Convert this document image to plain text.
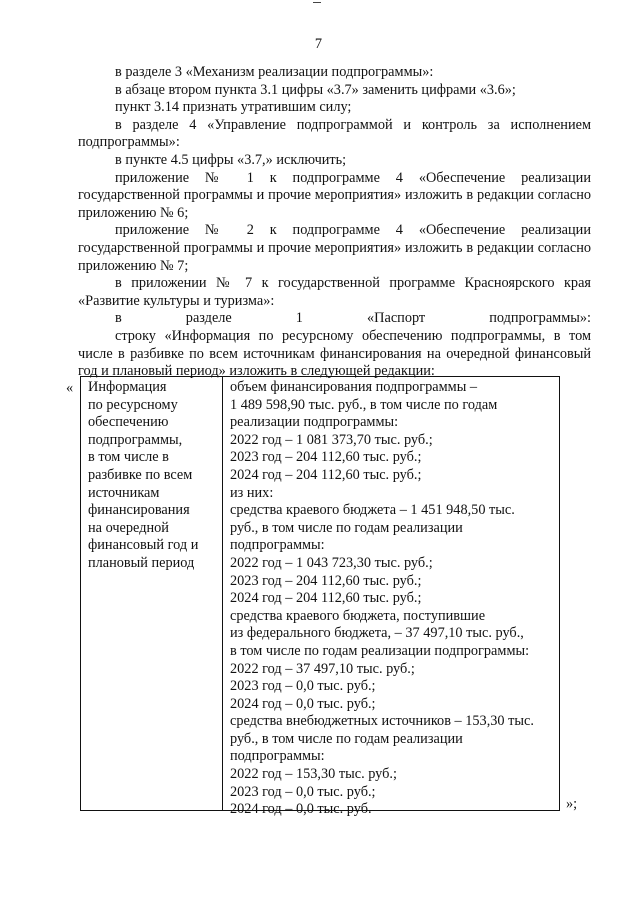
7

в разделе 3 «Механизм реализации подпрограммы»:

в абзаце втором пункта 3.1 цифры «3.7» заменить цифрами «3.6»;

пункт 3.14 признать утратившим силу;

в разделе 4 «Управление подпрограммой и контроль за исполнением подпрограммы»:

в пункте 4.5 цифры «3.7,» исключить;

приложение № 1 к подпрограмме 4 «Обеспечение реализации государственной программы и прочие мероприятия» изложить в редакции согласно приложению № 6;

приложение № 2 к подпрограмме 4 «Обеспечение реализации государственной программы и прочие мероприятия» изложить в редакции согласно приложению № 7;

в приложении № 7 к государственной программе Красноярского края «Развитие культуры и туризма»:

в разделе 1 «Паспорт подпрограммы»:

строку «Информация по ресурсному обеспечению подпрограммы, в том числе в разбивке по всем источникам финансирования на очередной финансовый год и плановый период» изложить в следующей редакции:

« Информация
по ресурсному
обеспечению
подпрограммы,
в том числе в
разбивке по всем
источникам
финансирования
на очередной
финансовый год и
плановый период
объем финансирования подпрограммы –
1 489 598,90 тыс. руб., в том числе по годам
реализации подпрограммы:
2022 год – 1 081 373,70 тыс. руб.;
2023 год – 204 112,60 тыс. руб.;
2024 год – 204 112,60 тыс. руб.;
из них:
средства краевого бюджета – 1 451 948,50 тыс.
руб., в том числе по годам реализации
подпрограммы:
2022 год – 1 043 723,30 тыс. руб.;
2023 год – 204 112,60 тыс. руб.;
2024 год – 204 112,60 тыс. руб.;
средства краевого бюджета, поступившие
из федерального бюджета, – 37 497,10 тыс. руб.,
в том числе по годам реализации подпрограммы:
2022 год – 37 497,10 тыс. руб.;
2023 год – 0,0 тыс. руб.;
2024 год – 0,0 тыс. руб.;
средства внебюджетных источников – 153,30 тыс.
руб., в том числе по годам реализации
подпрограммы:
2022 год – 153,30 тыс. руб.;
2023 год – 0,0 тыс. руб.;
2024 год – 0,0 тыс. руб.	»;
